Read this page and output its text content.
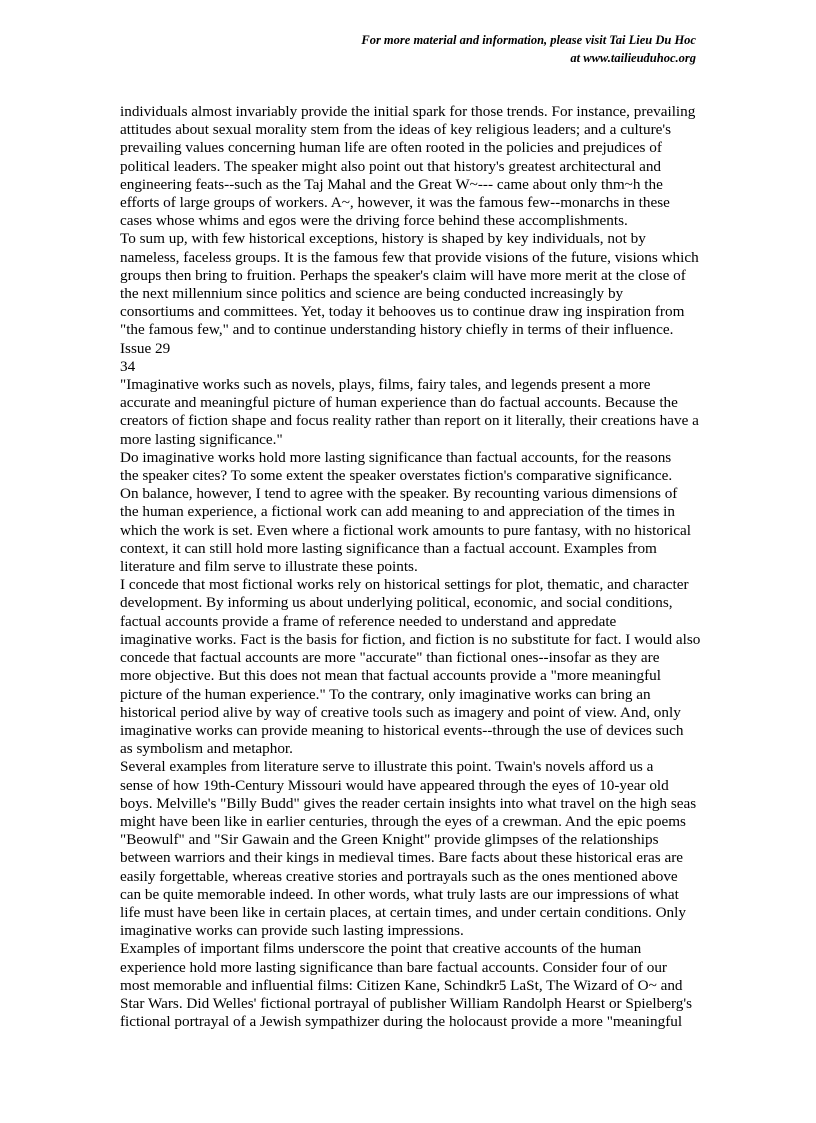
For more material and information, please visit Tai Lieu Du Hoc
at www.tailieuduhoc.org
individuals almost invariably provide the initial spark for those trends. For instance, prevailing
attitudes about sexual morality stem from the ideas of key religious leaders; and a culture's
prevailing values concerning human life are often rooted in the policies and prejudices of
political leaders. The speaker might also point out that history's greatest architectural and
engineering feats--such as the Taj Mahal and the Great W~--- came about only thm~h the
efforts of large groups of workers. A~, however, it was the famous few--monarchs in these
cases whose whims and egos were the driving force behind these accomplishments.
To sum up, with few historical exceptions, history is shaped by key individuals, not by
nameless, faceless groups. It is the famous few that provide visions of the future, visions which
groups then bring to fruition. Perhaps the speaker's claim will have more merit at the close of
the next millennium since politics and science are being conducted increasingly by
consortiums and committees. Yet, today it behooves us to continue draw ing inspiration from
"the famous few," and to continue understanding history chiefly in terms of their influence.
Issue 29
34
"Imaginative works such as novels, plays, films, fairy tales, and legends present a more
accurate and meaningful picture of human experience than do factual accounts. Because the
creators of fiction shape and focus reality rather than report on it literally, their creations have a
more lasting significance."
Do imaginative works hold more lasting significance than factual accounts, for the reasons
the speaker cites? To some extent the speaker overstates fiction's comparative significance.
On balance, however, I tend to agree with the speaker. By recounting various dimensions of
the human experience, a fictional work can add meaning to and appreciation of the times in
which the work is set. Even where a fictional work amounts to pure fantasy, with no historical
context, it can still hold more lasting significance than a factual account. Examples from
literature and film serve to illustrate these points.
I concede that most fictional works rely on historical settings for plot, thematic, and character
development. By informing us about underlying political, economic, and social conditions,
factual accounts provide a frame of reference needed to understand and appredate
imaginative works. Fact is the basis for fiction, and fiction is no substitute for fact. I would also
concede that factual accounts are more "accurate" than fictional ones--insofar as they are
more objective. But this does not mean that factual accounts provide a "more meaningful
picture of the human experience." To the contrary, only imaginative works can bring an
historical period alive by way of creative tools such as imagery and point of view. And, only
imaginative works can provide meaning to historical events--through the use of devices such
as symbolism and metaphor.
Several examples from literature serve to illustrate this point. Twain's novels afford us a
sense of how 19th-Century Missouri would have appeared through the eyes of 10-year old
boys. Melville's "Billy Budd" gives the reader certain insights into what travel on the high seas
might have been like in earlier centuries, through the eyes of a crewman. And the epic poems
"Beowulf" and "Sir Gawain and the Green Knight" provide glimpses of the relationships
between warriors and their kings in medieval times. Bare facts about these historical eras are
easily forgettable, whereas creative stories and portrayals such as the ones mentioned above
can be quite memorable indeed. In other words, what truly lasts are our impressions of what
life must have been like in certain places, at certain times, and under certain conditions. Only
imaginative works can provide such lasting impressions.
Examples of important films underscore the point that creative accounts of the human
experience hold more lasting significance than bare factual accounts. Consider four of our
most memorable and influential films: Citizen Kane, Schindkr5 LaSt, The Wizard of O~ and
Star Wars. Did Welles' fictional portrayal of publisher William Randolph Hearst or Spielberg's
fictional portrayal of a Jewish sympathizer during the holocaust provide a more "meaningful
